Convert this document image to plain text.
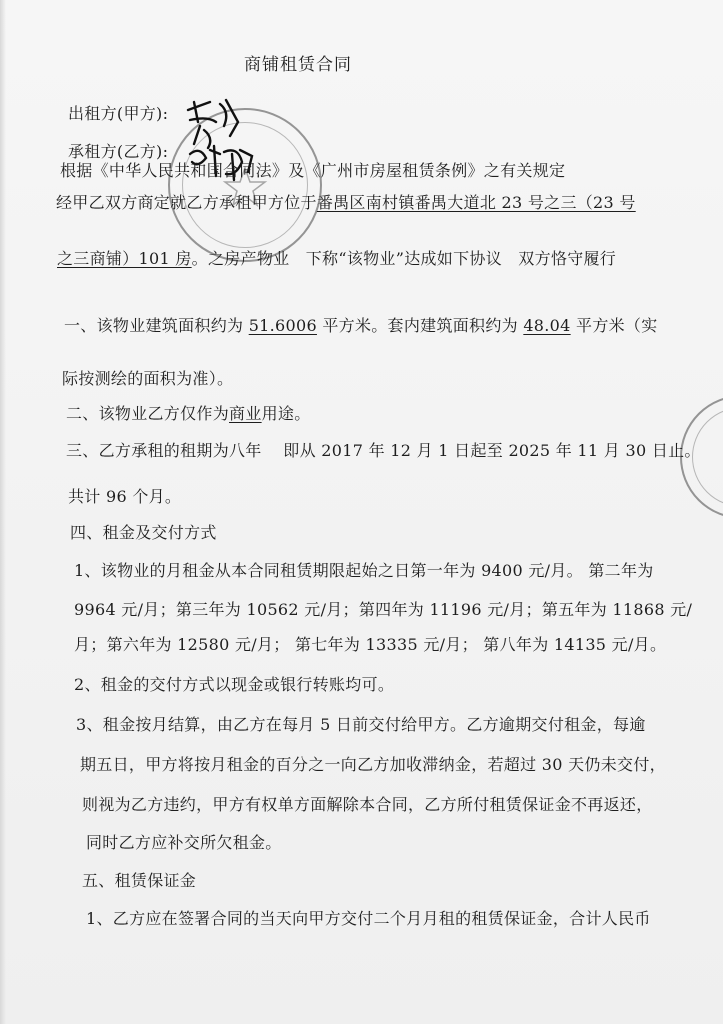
商铺租赁合同
出租方(甲方):
承租方(乙方):
根据《中华人民共和国合同法》及《广州市房屋租赁条例》之有关规定
经甲乙双方商定就乙方承租甲方位于番禺区南村镇番禺大道北 23 号之三（23 号
之三商铺）101 房。之房产物业　下称“该物业”达成如下协议　双方恪守履行
一、该物业建筑面积约为 51.6006 平方米。套内建筑面积约为 48.04 平方米（实
际按测绘的面积为准）。
二、该物业乙方仅作为商业用途。
三、乙方承租的租期为八年　 即从 2017 年 12 月 1 日起至 2025 年 11 月 30 日止。
共计 96 个月。
四、租金及交付方式
1、该物业的月租金从本合同租赁期限起始之日第一年为 9400 元/月。 第二年为
9964 元/月；第三年为 10562 元/月；第四年为 11196 元/月；第五年为 11868 元/
月；第六年为 12580 元/月； 第七年为 13335 元/月； 第八年为 14135 元/月。
2、租金的交付方式以现金或银行转账均可。
3、租金按月结算，由乙方在每月 5 日前交付给甲方。乙方逾期交付租金，每逾
期五日，甲方将按月租金的百分之一向乙方加收滞纳金，若超过 30 天仍未交付，
则视为乙方违约，甲方有权单方面解除本合同，乙方所付租赁保证金不再返还，
同时乙方应补交所欠租金。
五、租赁保证金
1、乙方应在签署合同的当天向甲方交付二个月月租的租赁保证金，合计人民币
